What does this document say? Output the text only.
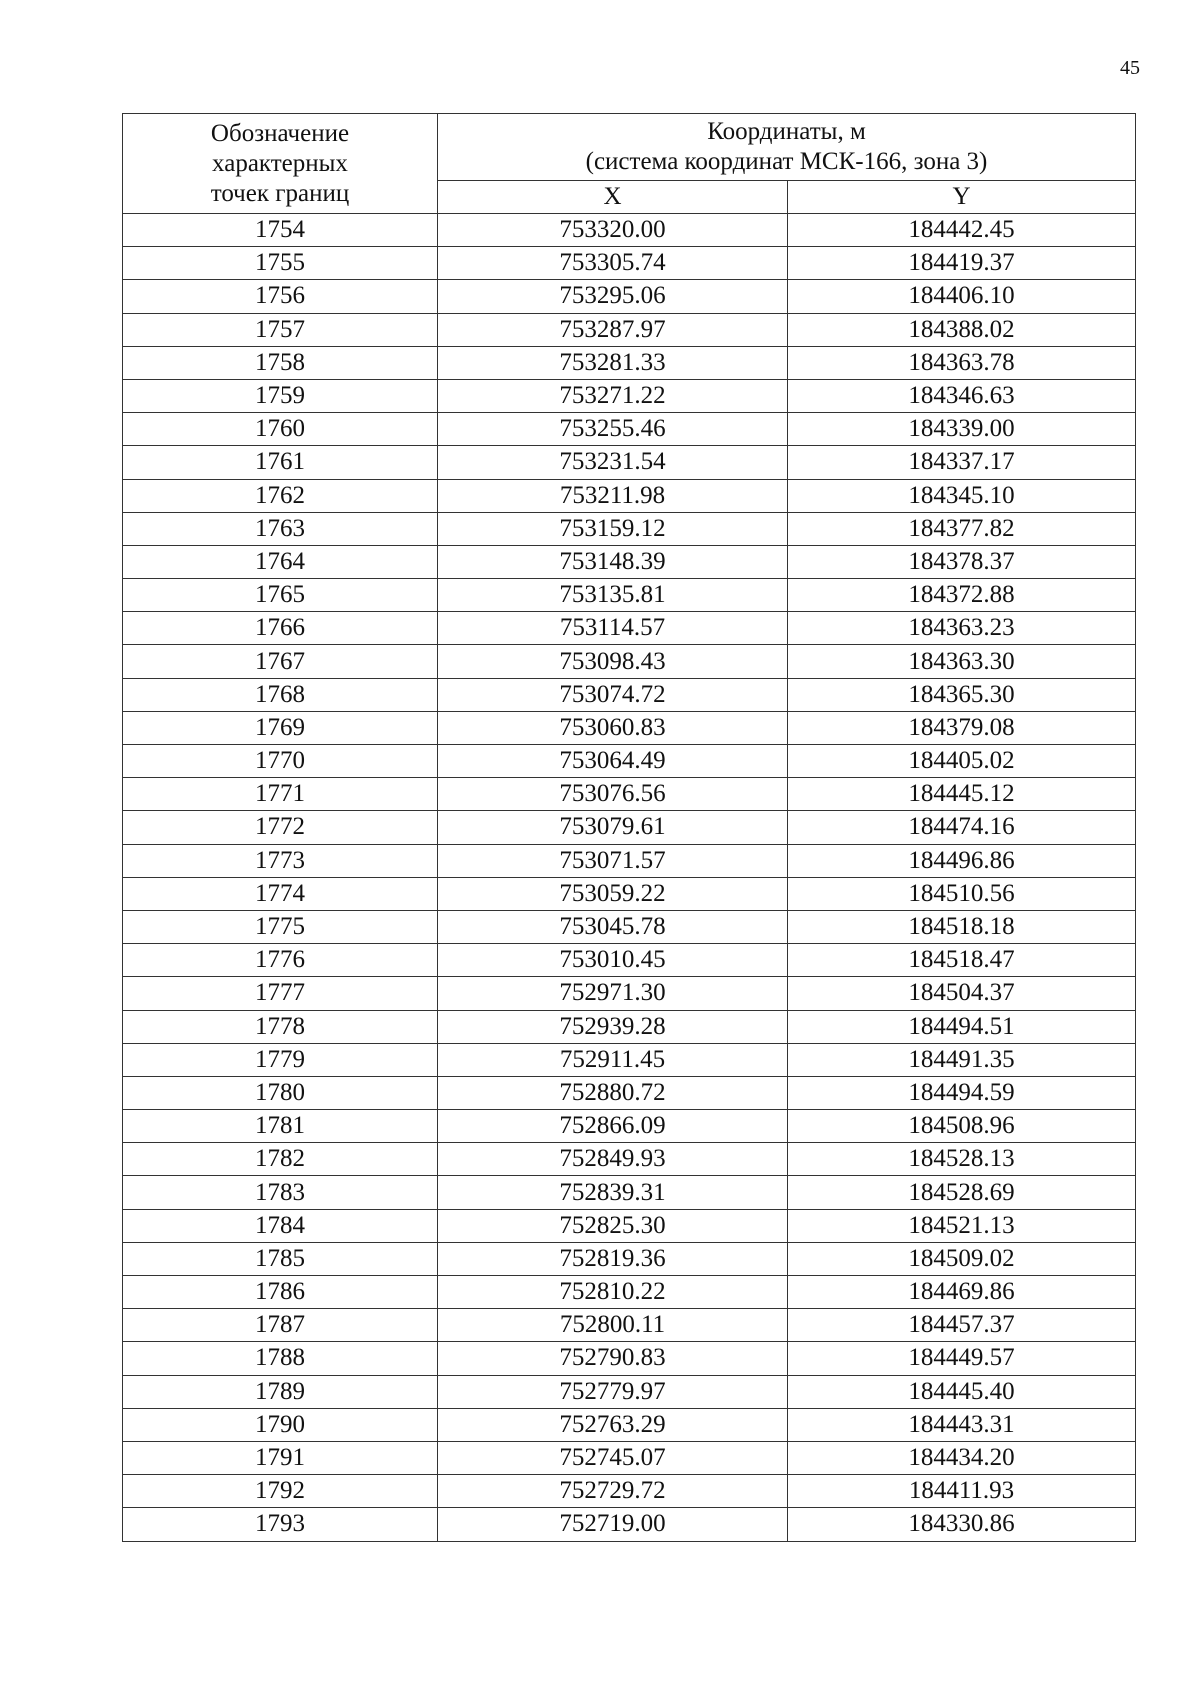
45
Обозначение
характерных
точек границ	Координаты, м
(система координат МСК-166, зона 3)	

	X	Y
1754	753320.00	184442.45
1755	753305.74	184419.37
1756	753295.06	184406.10
1757	753287.97	184388.02
1758	753281.33	184363.78
1759	753271.22	184346.63
1760	753255.46	184339.00
1761	753231.54	184337.17
1762	753211.98	184345.10
1763	753159.12	184377.82
1764	753148.39	184378.37
1765	753135.81	184372.88
1766	753114.57	184363.23
1767	753098.43	184363.30
1768	753074.72	184365.30
1769	753060.83	184379.08
1770	753064.49	184405.02
1771	753076.56	184445.12
1772	753079.61	184474.16
1773	753071.57	184496.86
1774	753059.22	184510.56
1775	753045.78	184518.18
1776	753010.45	184518.47
1777	752971.30	184504.37
1778	752939.28	184494.51
1779	752911.45	184491.35
1780	752880.72	184494.59
1781	752866.09	184508.96
1782	752849.93	184528.13
1783	752839.31	184528.69
1784	752825.30	184521.13
1785	752819.36	184509.02
1786	752810.22	184469.86
1787	752800.11	184457.37
1788	752790.83	184449.57
1789	752779.97	184445.40
1790	752763.29	184443.31
1791	752745.07	184434.20
1792	752729.72	184411.93
1793	752719.00	184330.86
